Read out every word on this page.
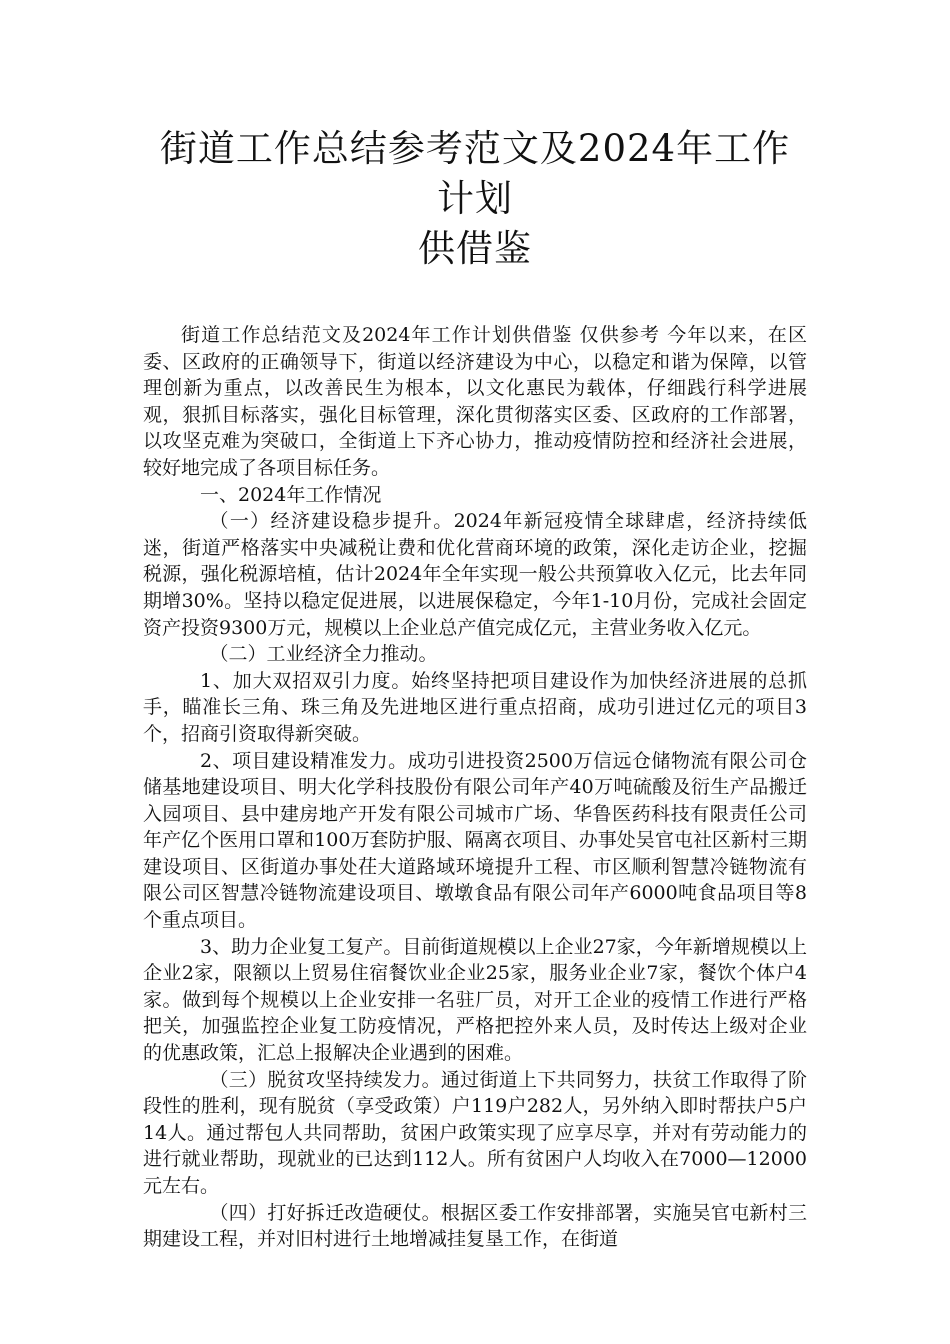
街道工作总结参考范文及2024年工作计划
供借鉴

街道工作总结范文及2024年工作计划供借鉴 仅供参考 今年以来，在区委、区政府的正确领导下，街道以经济建设为中心，以稳定和谐为保障，以管理创新为重点，以改善民生为根本，以文化惠民为载体，仔细践行科学进展观，狠抓目标落实，强化目标管理，深化贯彻落实区委、区政府的工作部署，以攻坚克难为突破口，全街道上下齐心协力，推动疫情防控和经济社会进展，较好地完成了各项目标任务。

一、2024年工作情况

（一）经济建设稳步提升。2024年新冠疫情全球肆虐，经济持续低迷，街道严格落实中央减税让费和优化营商环境的政策，深化走访企业，挖掘税源，强化税源培植，估计2024年全年实现一般公共预算收入亿元，比去年同期增30%。坚持以稳定促进展，以进展保稳定，今年1-10月份，完成社会固定资产投资9300万元，规模以上企业总产值完成亿元，主营业务收入亿元。

（二）工业经济全力推动。

1、加大双招双引力度。始终坚持把项目建设作为加快经济进展的总抓手，瞄准长三角、珠三角及先进地区进行重点招商，成功引进过亿元的项目3个，招商引资取得新突破。

2、项目建设精准发力。成功引进投资2500万信远仓储物流有限公司仓储基地建设项目、明大化学科技股份有限公司年产40万吨硫酸及衍生产品搬迁入园项目、县中建房地产开发有限公司城市广场、华鲁医药科技有限责任公司年产亿个医用口罩和100万套防护服、隔离衣项目、办事处吴官屯社区新村三期建设项目、区街道办事处茌大道路域环境提升工程、市区顺利智慧冷链物流有限公司区智慧冷链物流建设项目、墩墩食品有限公司年产6000吨食品项目等8个重点项目。

3、助力企业复工复产。目前街道规模以上企业27家，今年新增规模以上企业2家，限额以上贸易住宿餐饮业企业25家，服务业企业7家，餐饮个体户4家。做到每个规模以上企业安排一名驻厂员，对开工企业的疫情工作进行严格把关，加强监控企业复工防疫情况，严格把控外来人员，及时传达上级对企业的优惠政策，汇总上报解决企业遇到的困难。

（三）脱贫攻坚持续发力。通过街道上下共同努力，扶贫工作取得了阶段性的胜利，现有脱贫（享受政策）户119户282人，另外纳入即时帮扶户5户14人。通过帮包人共同帮助，贫困户政策实现了应享尽享，并对有劳动能力的进行就业帮助，现就业的已达到112人。所有贫困户人均收入在7000—12000元左右。

（四）打好拆迁改造硬仗。根据区委工作安排部署，实施吴官屯新村三期建设工程，并对旧村进行土地增减挂复垦工作，在街道
